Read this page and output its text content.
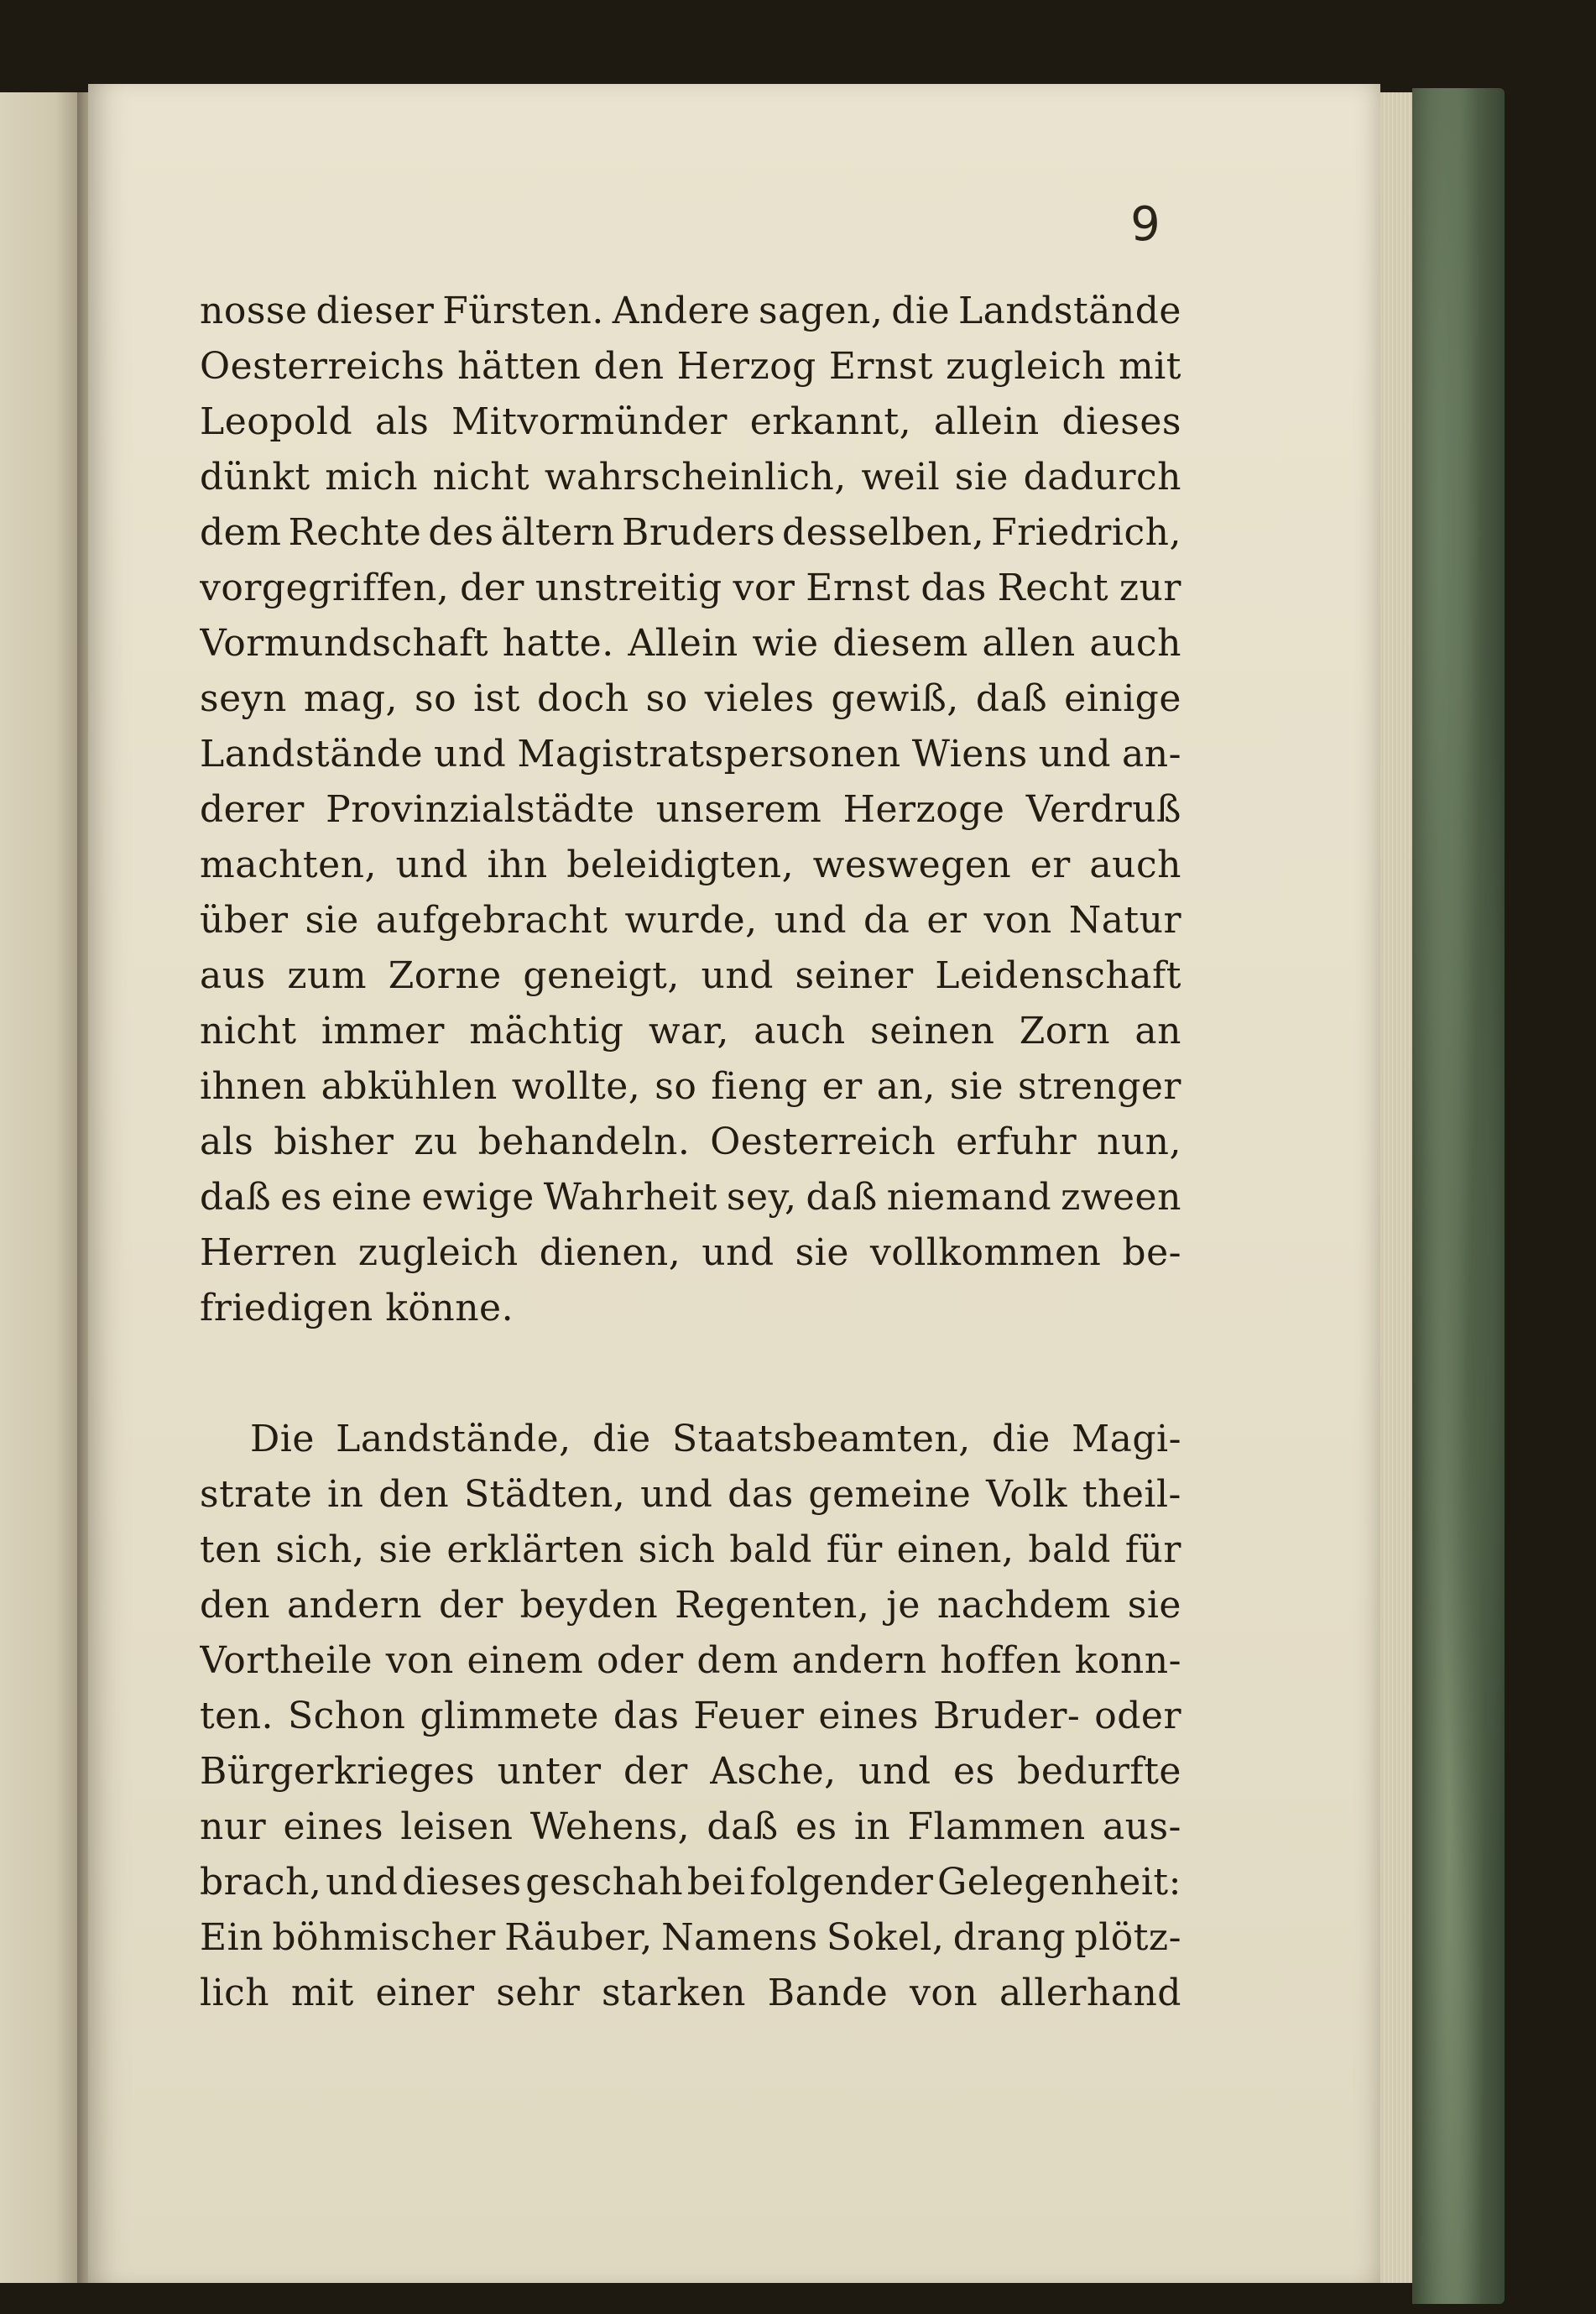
9
nosse dieser Fürsten. Andere sagen, die Landstände
Oesterreichs hätten den Herzog Ernst zugleich mit
Leopold als Mitvormünder erkannt, allein dieses
dünkt mich nicht wahrscheinlich, weil sie dadurch
dem Rechte des ältern Bruders desselben, Friedrich,
vorgegriffen, der unstreitig vor Ernst das Recht zur
Vormundschaft hatte. Allein wie diesem allen auch
seyn mag, so ist doch so vieles gewiß, daß einige
Landstände und Magistratspersonen Wiens und an-
derer Provinzialstädte unserem Herzoge Verdruß
machten, und ihn beleidigten, weswegen er auch
über sie aufgebracht wurde, und da er von Natur
aus zum Zorne geneigt, und seiner Leidenschaft
nicht immer mächtig war, auch seinen Zorn an
ihnen abkühlen wollte, so fieng er an, sie strenger
als bisher zu behandeln. Oesterreich erfuhr nun,
daß es eine ewige Wahrheit sey, daß niemand zween
Herren zugleich dienen, und sie vollkommen be-
friedigen könne.
Die Landstände, die Staatsbeamten, die Magi-
strate in den Städten, und das gemeine Volk theil-
ten sich, sie erklärten sich bald für einen, bald für
den andern der beyden Regenten, je nachdem sie
Vortheile von einem oder dem andern hoffen konn-
ten. Schon glimmete das Feuer eines Bruder- oder
Bürgerkrieges unter der Asche, und es bedurfte
nur eines leisen Wehens, daß es in Flammen aus-
brach, und dieses geschah bei folgender Gelegenheit:
Ein böhmischer Räuber, Namens Sokel, drang plötz-
lich mit einer sehr starken Bande von allerhand
